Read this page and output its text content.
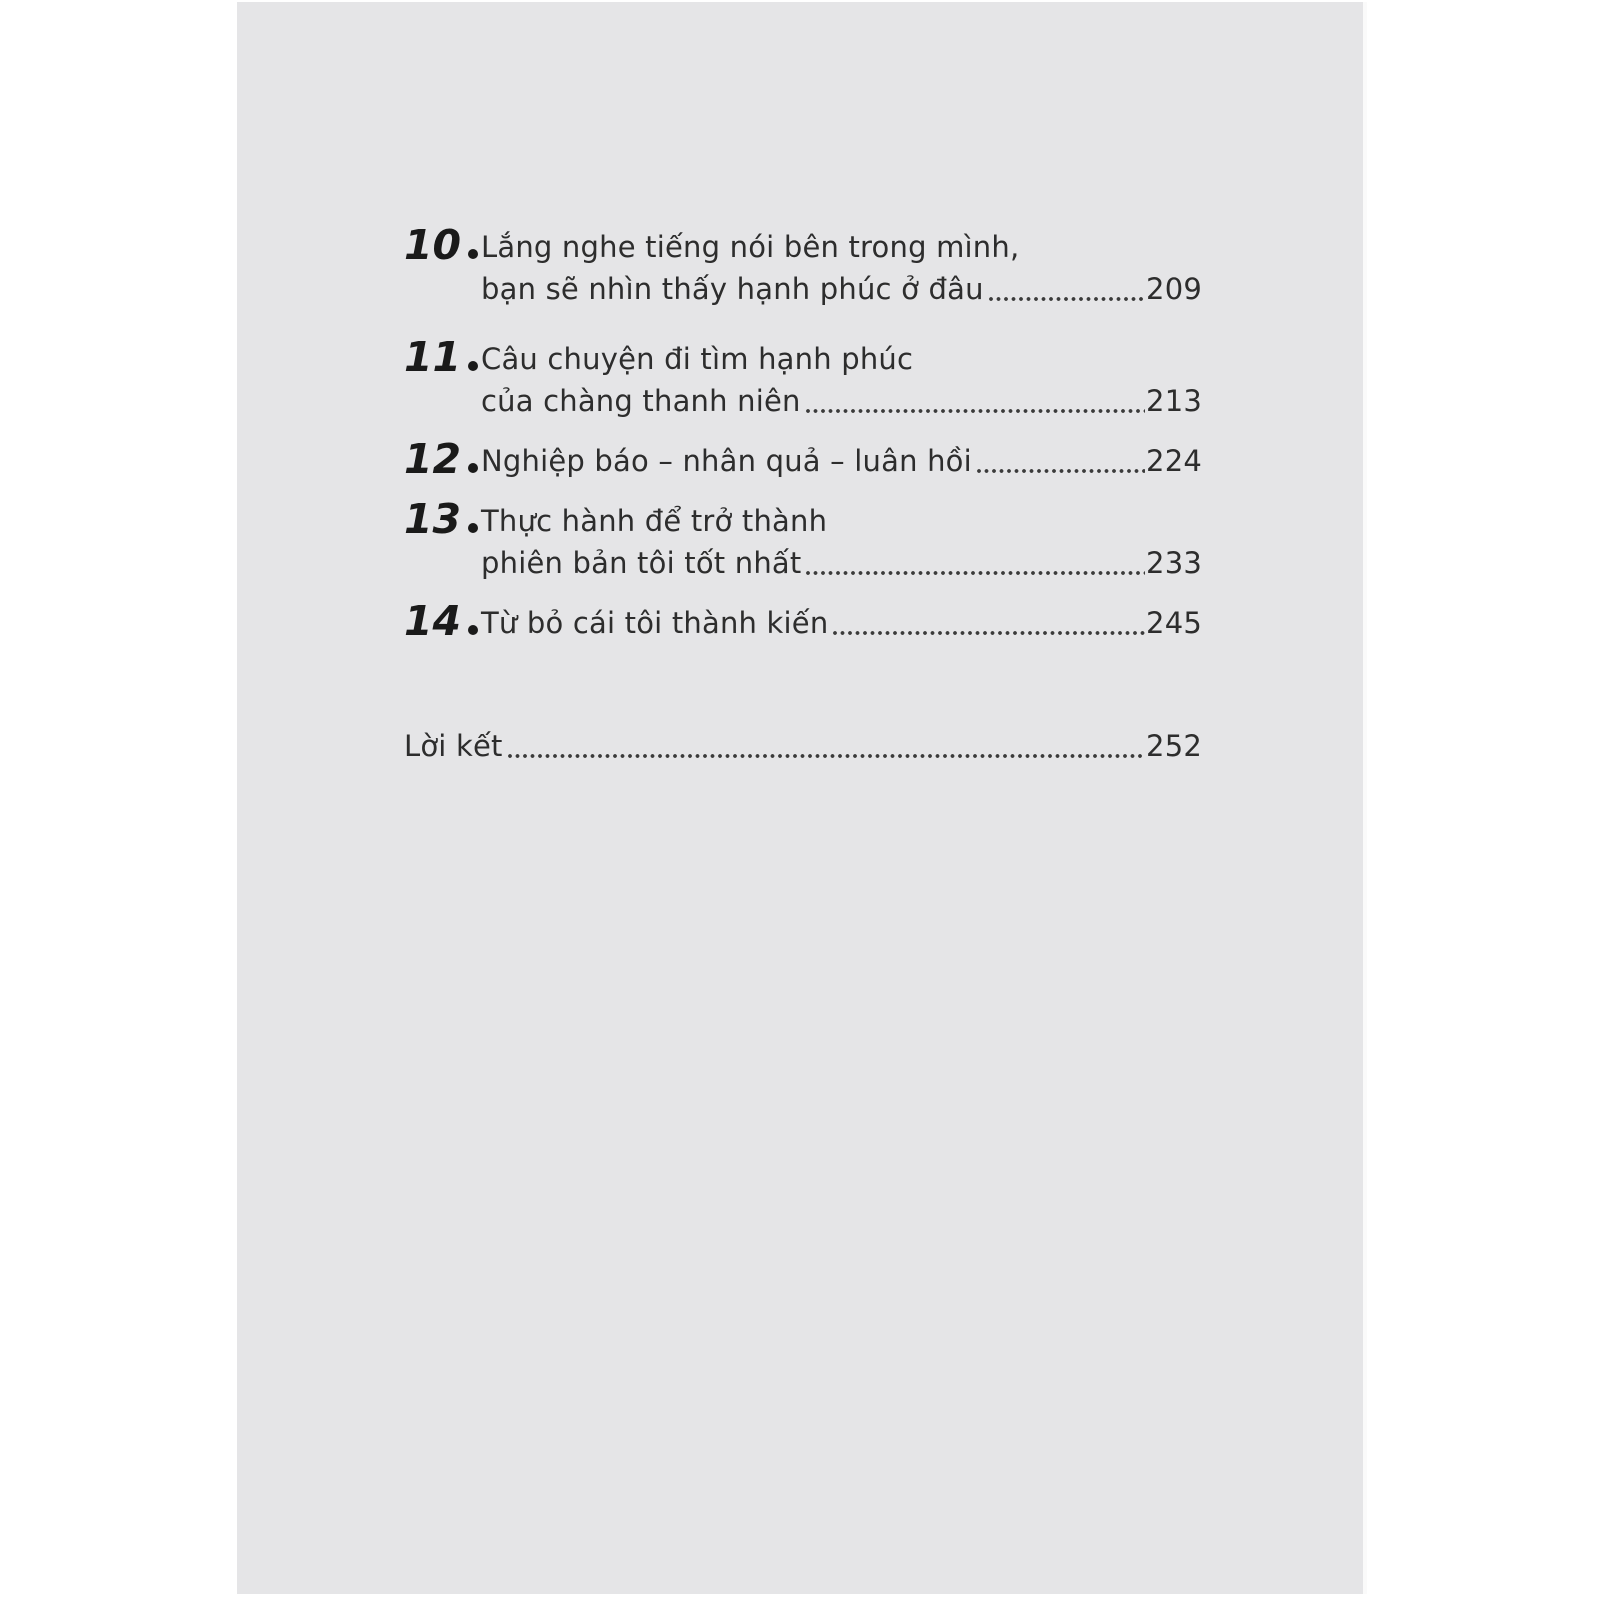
10 Lắng nghe tiếng nói bên trong mình,
bạn sẽ nhìn thấy hạnh phúc ở đâu	209
11 Câu chuyện đi tìm hạnh phúc
của chàng thanh niên	213
12 Nghiệp báo – nhân quả – luân hồi	224
13 Thực hành để trở thành
phiên bản tôi tốt nhất	233
14 Từ bỏ cái tôi thành kiến	245
Lời kết	252
